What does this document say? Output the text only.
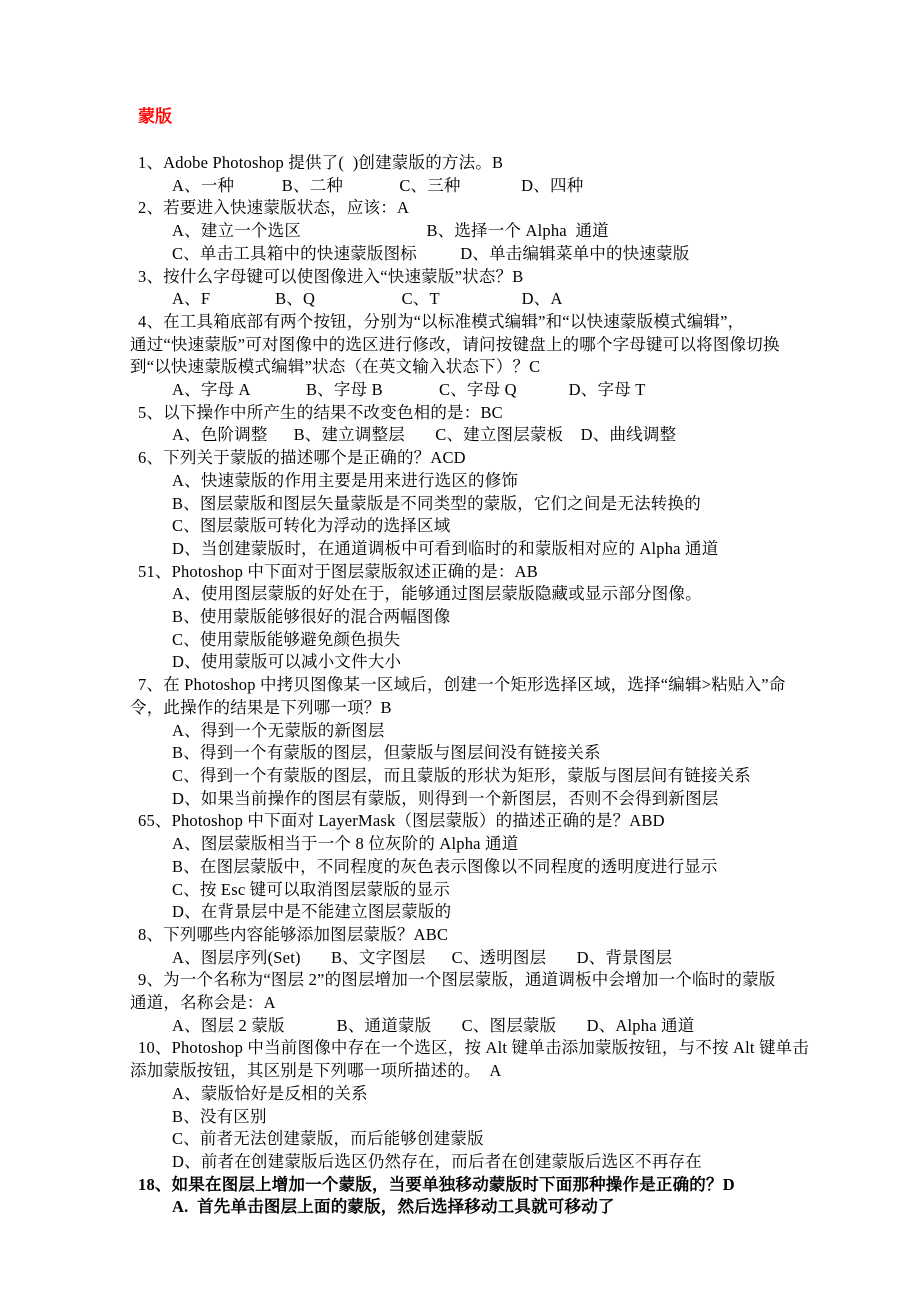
蒙版
1、Adobe Photoshop 提供了(  )创建蒙版的方法。B
A、一种           B、二种             C、三种              D、四种
2、若要进入快速蒙版状态，应该：A
A、建立一个选区                             B、选择一个 Alpha  通道
C、单击工具箱中的快速蒙版图标          D、单击编辑菜单中的快速蒙版
3、按什么字母键可以使图像进入“快速蒙版”状态？B
A、F               B、Q                    C、T                   D、A
4、在工具箱底部有两个按钮，分别为“以标准模式编辑”和“以快速蒙版模式编辑”，
通过“快速蒙版”可对图像中的选区进行修改，请问按键盘上的哪个字母键可以将图像切换
到“以快速蒙版模式编辑”状态（在英文输入状态下）？C
A、字母 A             B、字母 B             C、字母 Q            D、字母 T
5、以下操作中所产生的结果不改变色相的是：BC
A、色阶调整      B、建立调整层       C、建立图层蒙板    D、曲线调整
6、下列关于蒙版的描述哪个是正确的？ACD
A、快速蒙版的作用主要是用来进行选区的修饰
B、图层蒙版和图层矢量蒙版是不同类型的蒙版，它们之间是无法转换的
C、图层蒙版可转化为浮动的选择区域
D、当创建蒙版时，在通道调板中可看到临时的和蒙版相对应的 Alpha 通道
51、Photoshop 中下面对于图层蒙版叙述正确的是：AB
A、使用图层蒙版的好处在于，能够通过图层蒙版隐藏或显示部分图像。
B、使用蒙版能够很好的混合两幅图像
C、使用蒙版能够避免颜色损失
D、使用蒙版可以减小文件大小
7、在 Photoshop 中拷贝图像某一区域后，创建一个矩形选择区域，选择“编辑>粘贴入”命
令，此操作的结果是下列哪一项？B
A、得到一个无蒙版的新图层
B、得到一个有蒙版的图层，但蒙版与图层间没有链接关系
C、得到一个有蒙版的图层，而且蒙版的形状为矩形，蒙版与图层间有链接关系
D、如果当前操作的图层有蒙版，则得到一个新图层，否则不会得到新图层
65、Photoshop 中下面对 LayerMask（图层蒙版）的描述正确的是？ABD
A、图层蒙版相当于一个 8 位灰阶的 Alpha 通道
B、在图层蒙版中，不同程度的灰色表示图像以不同程度的透明度进行显示
C、按 Esc 键可以取消图层蒙版的显示
D、在背景层中是不能建立图层蒙版的
8、下列哪些内容能够添加图层蒙版？ABC
A、图层序列(Set)       B、文字图层      C、透明图层       D、背景图层
9、为一个名称为“图层 2”的图层增加一个图层蒙版，通道调板中会增加一个临时的蒙版
通道，名称会是：A
A、图层 2 蒙版            B、通道蒙版       C、图层蒙版       D、Alpha 通道
10、Photoshop 中当前图像中存在一个选区，按 Alt 键单击添加蒙版按钮，与不按 Alt 键单击
添加蒙版按钮，其区别是下列哪一项所描述的。  A
A、蒙版恰好是反相的关系
B、没有区别
C、前者无法创建蒙版，而后能够创建蒙版
D、前者在创建蒙版后选区仍然存在，而后者在创建蒙版后选区不再存在
18、如果在图层上增加一个蒙版，当要单独移动蒙版时下面那种操作是正确的？D
A.  首先单击图层上面的蒙版，然后选择移动工具就可移动了
